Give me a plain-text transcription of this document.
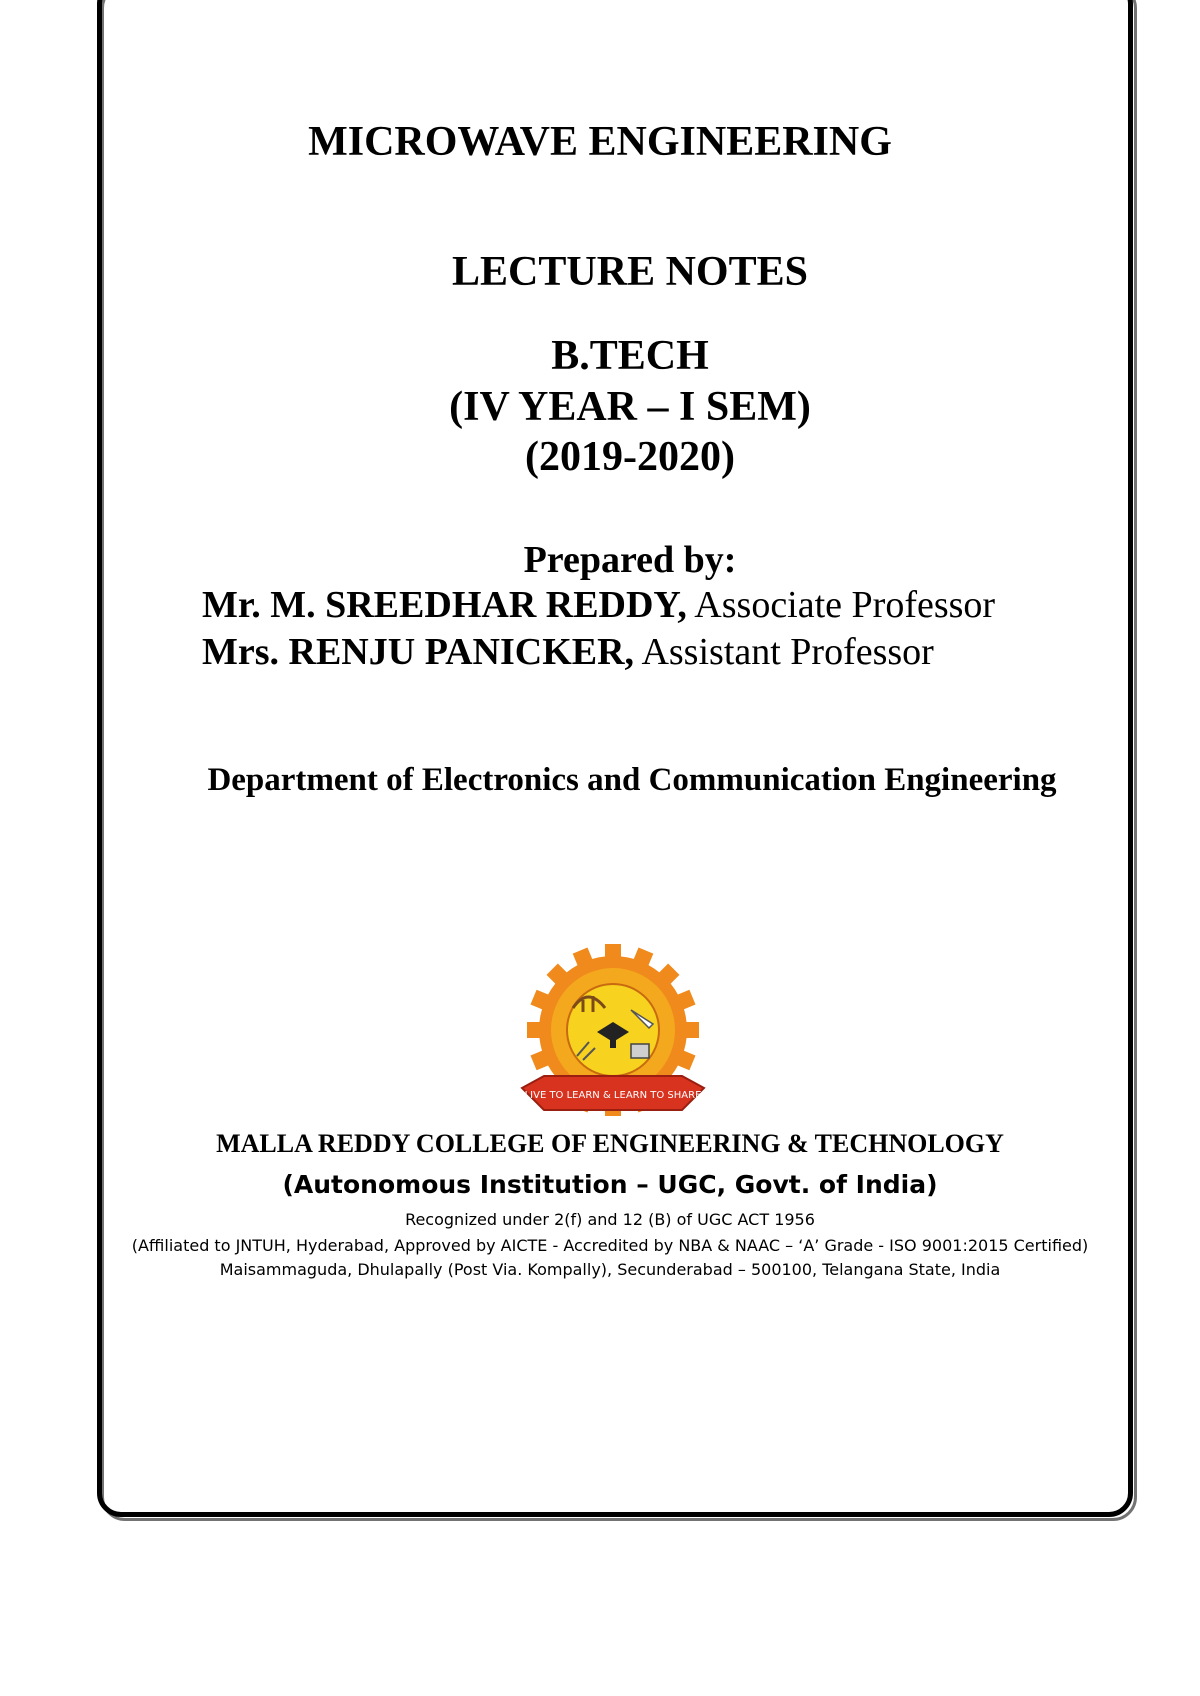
MICROWAVE ENGINEERING
LECTURE NOTES
B.TECH
(IV YEAR – I SEM)
(2019-2020)
Prepared by:
Mr. M. SREEDHAR REDDY, Associate Professor
Mrs. RENJU PANICKER, Assistant Professor
Department of Electronics and Communication Engineering
LIVE TO LEARN & LEARN TO SHARE
MALLA REDDY COLLEGE OF ENGINEERING & TECHNOLOGY
(Autonomous Institution – UGC, Govt. of India)
Recognized under 2(f) and 12 (B) of UGC ACT 1956
(Affiliated to JNTUH, Hyderabad, Approved by AICTE - Accredited by NBA & NAAC – ‘A’ Grade - ISO 9001:2015 Certified)
Maisammaguda, Dhulapally (Post Via. Kompally), Secunderabad – 500100, Telangana State, India
